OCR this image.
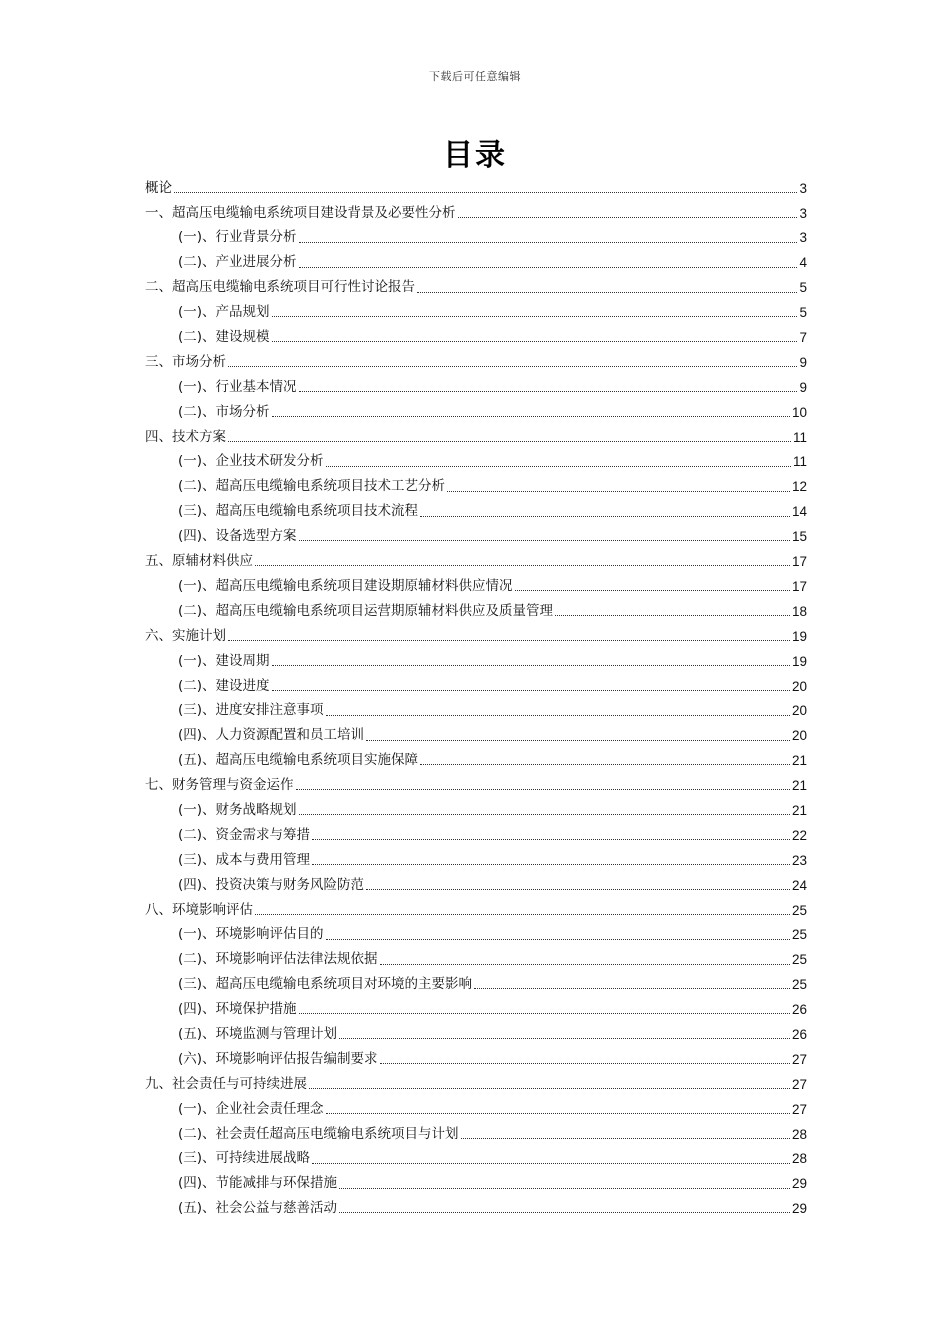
下载后可任意编辑
目录
概论	3
一、超高压电缆输电系统项目建设背景及必要性分析	3
(一)、行业背景分析	3
(二)、产业进展分析	4
二、超高压电缆输电系统项目可行性讨论报告	5
(一)、产品规划	5
(二)、建设规模	7
三、市场分析	9
(一)、行业基本情况	9
(二)、市场分析	10
四、技术方案	11
(一)、企业技术研发分析	11
(二)、超高压电缆输电系统项目技术工艺分析	12
(三)、超高压电缆输电系统项目技术流程	14
(四)、设备选型方案	15
五、原辅材料供应	17
(一)、超高压电缆输电系统项目建设期原辅材料供应情况	17
(二)、超高压电缆输电系统项目运营期原辅材料供应及质量管理	18
六、实施计划	19
(一)、建设周期	19
(二)、建设进度	20
(三)、进度安排注意事项	20
(四)、人力资源配置和员工培训	20
(五)、超高压电缆输电系统项目实施保障	21
七、财务管理与资金运作	21
(一)、财务战略规划	21
(二)、资金需求与筹措	22
(三)、成本与费用管理	23
(四)、投资决策与财务风险防范	24
八、环境影响评估	25
(一)、环境影响评估目的	25
(二)、环境影响评估法律法规依据	25
(三)、超高压电缆输电系统项目对环境的主要影响	25
(四)、环境保护措施	26
(五)、环境监测与管理计划	26
(六)、环境影响评估报告编制要求	27
九、社会责任与可持续进展	27
(一)、企业社会责任理念	27
(二)、社会责任超高压电缆输电系统项目与计划	28
(三)、可持续进展战略	28
(四)、节能减排与环保措施	29
(五)、社会公益与慈善活动	29
